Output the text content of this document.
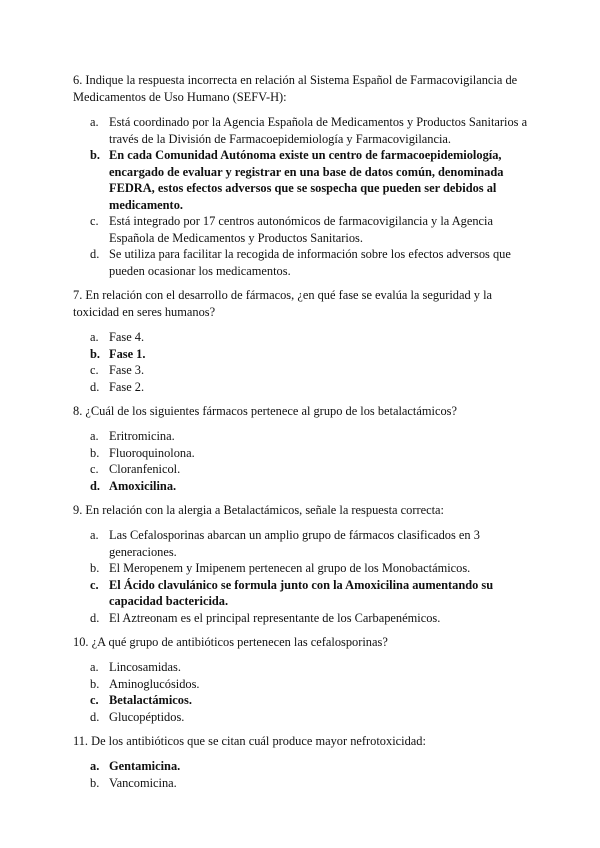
6. Indique la respuesta incorrecta en relación al Sistema Español de Farmacovigilancia de Medicamentos de Uso Humano (SEFV-H):

a. Está coordinado por la Agencia Española de Medicamentos y Productos Sanitarios a través de la División de Farmacoepidemiología y Farmacovigilancia.
b. En cada Comunidad Autónoma existe un centro de farmacoepidemiología, encargado de evaluar y registrar en una base de datos común, denominada FEDRA, estos efectos adversos que se sospecha que pueden ser debidos al medicamento.
c. Está integrado por 17 centros autonómicos de farmacovigilancia y la Agencia Española de Medicamentos y Productos Sanitarios.
d. Se utiliza para facilitar la recogida de información sobre los efectos adversos que pueden ocasionar los medicamentos.

7. En relación con el desarrollo de fármacos, ¿en qué fase se evalúa la seguridad y la toxicidad en seres humanos?

a. Fase 4.
b. Fase 1.
c. Fase 3.
d. Fase 2.

8. ¿Cuál de los siguientes fármacos pertenece al grupo de los betalactámicos?

a. Eritromicina.
b. Fluoroquinolona.
c. Cloranfenicol.
d. Amoxicilina.

9. En relación con la alergia a Betalactámicos, señale la respuesta correcta:

a. Las Cefalosporinas abarcan un amplio grupo de fármacos clasificados en 3 generaciones.
b. El Meropenem y Imipenem pertenecen al grupo de los Monobactámicos.
c. El Ácido clavulánico se formula junto con la Amoxicilina aumentando su capacidad bactericida.
d. El Aztreonam es el principal representante de los Carbapenémicos.

10. ¿A qué grupo de antibióticos pertenecen las cefalosporinas?

a. Lincosamidas.
b. Aminoglucósidos.
c. Betalactámicos.
d. Glucopéptidos.

11. De los antibióticos que se citan cuál produce mayor nefrotoxicidad:

a. Gentamicina.
b. Vancomicina.
